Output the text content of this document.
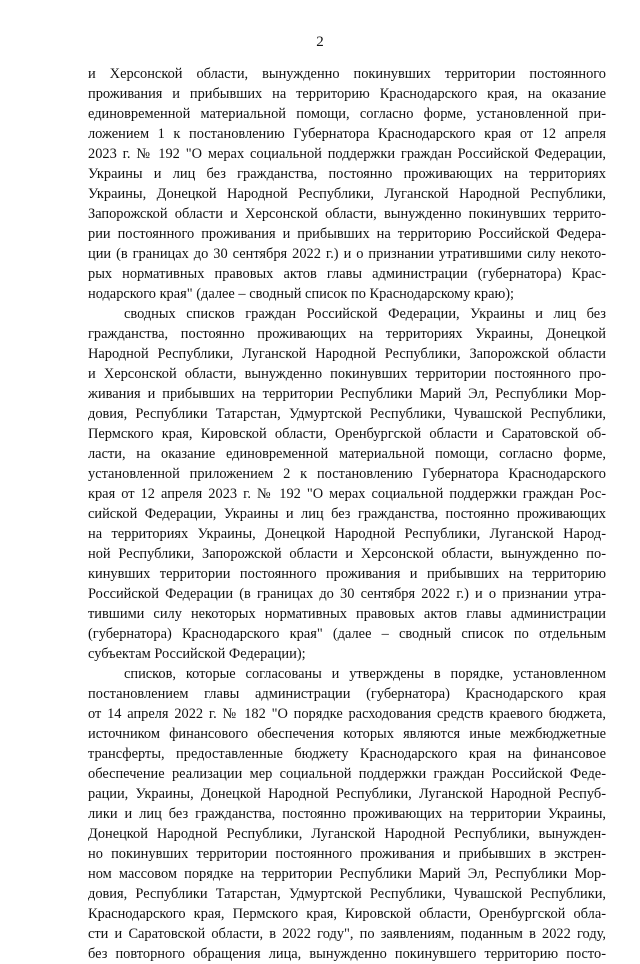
2
и Херсонской области, вынужденно покинувших территории постоянного
проживания и прибывших на территорию Краснодарского края, на оказание
единовременной материальной помощи, согласно форме, установленной при-
ложением 1 к постановлению Губернатора Краснодарского края от 12 апреля
2023 г. № 192 "О мерах социальной поддержки граждан Российской Федерации,
Украины и лиц без гражданства, постоянно проживающих на территориях
Украины, Донецкой Народной Республики, Луганской Народной Республики,
Запорожской области и Херсонской области, вынужденно покинувших террито-
рии постоянного проживания и прибывших на территорию Российской Федера-
ции (в границах до 30 сентября 2022 г.) и о признании утратившими силу некото-
рых нормативных правовых актов главы администрации (губернатора) Крас-
нодарского края" (далее – сводный список по Краснодарскому краю);
сводных списков граждан Российской Федерации, Украины и лиц без
гражданства, постоянно проживающих на территориях Украины, Донецкой
Народной Республики, Луганской Народной Республики, Запорожской области
и Херсонской области, вынужденно покинувших территории постоянного про-
живания и прибывших на территории Республики Марий Эл, Республики Мор-
довия, Республики Татарстан, Удмуртской Республики, Чувашской Республики,
Пермского края, Кировской области, Оренбургской области и Саратовской об-
ласти, на оказание единовременной материальной помощи, согласно форме,
установленной приложением 2 к постановлению Губернатора Краснодарского
края от 12 апреля 2023 г. № 192 "О мерах социальной поддержки граждан Рос-
сийской Федерации, Украины и лиц без гражданства, постоянно проживающих
на территориях Украины, Донецкой Народной Республики, Луганской Народ-
ной Республики, Запорожской области и Херсонской области, вынужденно по-
кинувших территории постоянного проживания и прибывших на территорию
Российской Федерации (в границах до 30 сентября 2022 г.) и о признании утра-
тившими силу некоторых нормативных правовых актов главы администрации
(губернатора) Краснодарского края" (далее – сводный список по отдельным
субъектам Российской Федерации);
списков, которые согласованы и утверждены в порядке, установленном
постановлением главы администрации (губернатора) Краснодарского края
от 14 апреля 2022 г. № 182 "О порядке расходования средств краевого бюджета,
источником финансового обеспечения которых являются иные межбюджетные
трансферты, предоставленные бюджету Краснодарского края на финансовое
обеспечение реализации мер социальной поддержки граждан Российской Феде-
рации, Украины, Донецкой Народной Республики, Луганской Народной Респуб-
лики и лиц без гражданства, постоянно проживающих на территории Украины,
Донецкой Народной Республики, Луганской Народной Республики, вынужден-
но покинувших территории постоянного проживания и прибывших в экстрен-
ном массовом порядке на территории Республики Марий Эл, Республики Мор-
довия, Республики Татарстан, Удмуртской Республики, Чувашской Республики,
Краснодарского края, Пермского края, Кировской области, Оренбургской обла-
сти и Саратовской области, в 2022 году", по заявлениям, поданным в 2022 году,
без повторного обращения лица, вынужденно покинувшего территорию посто-
